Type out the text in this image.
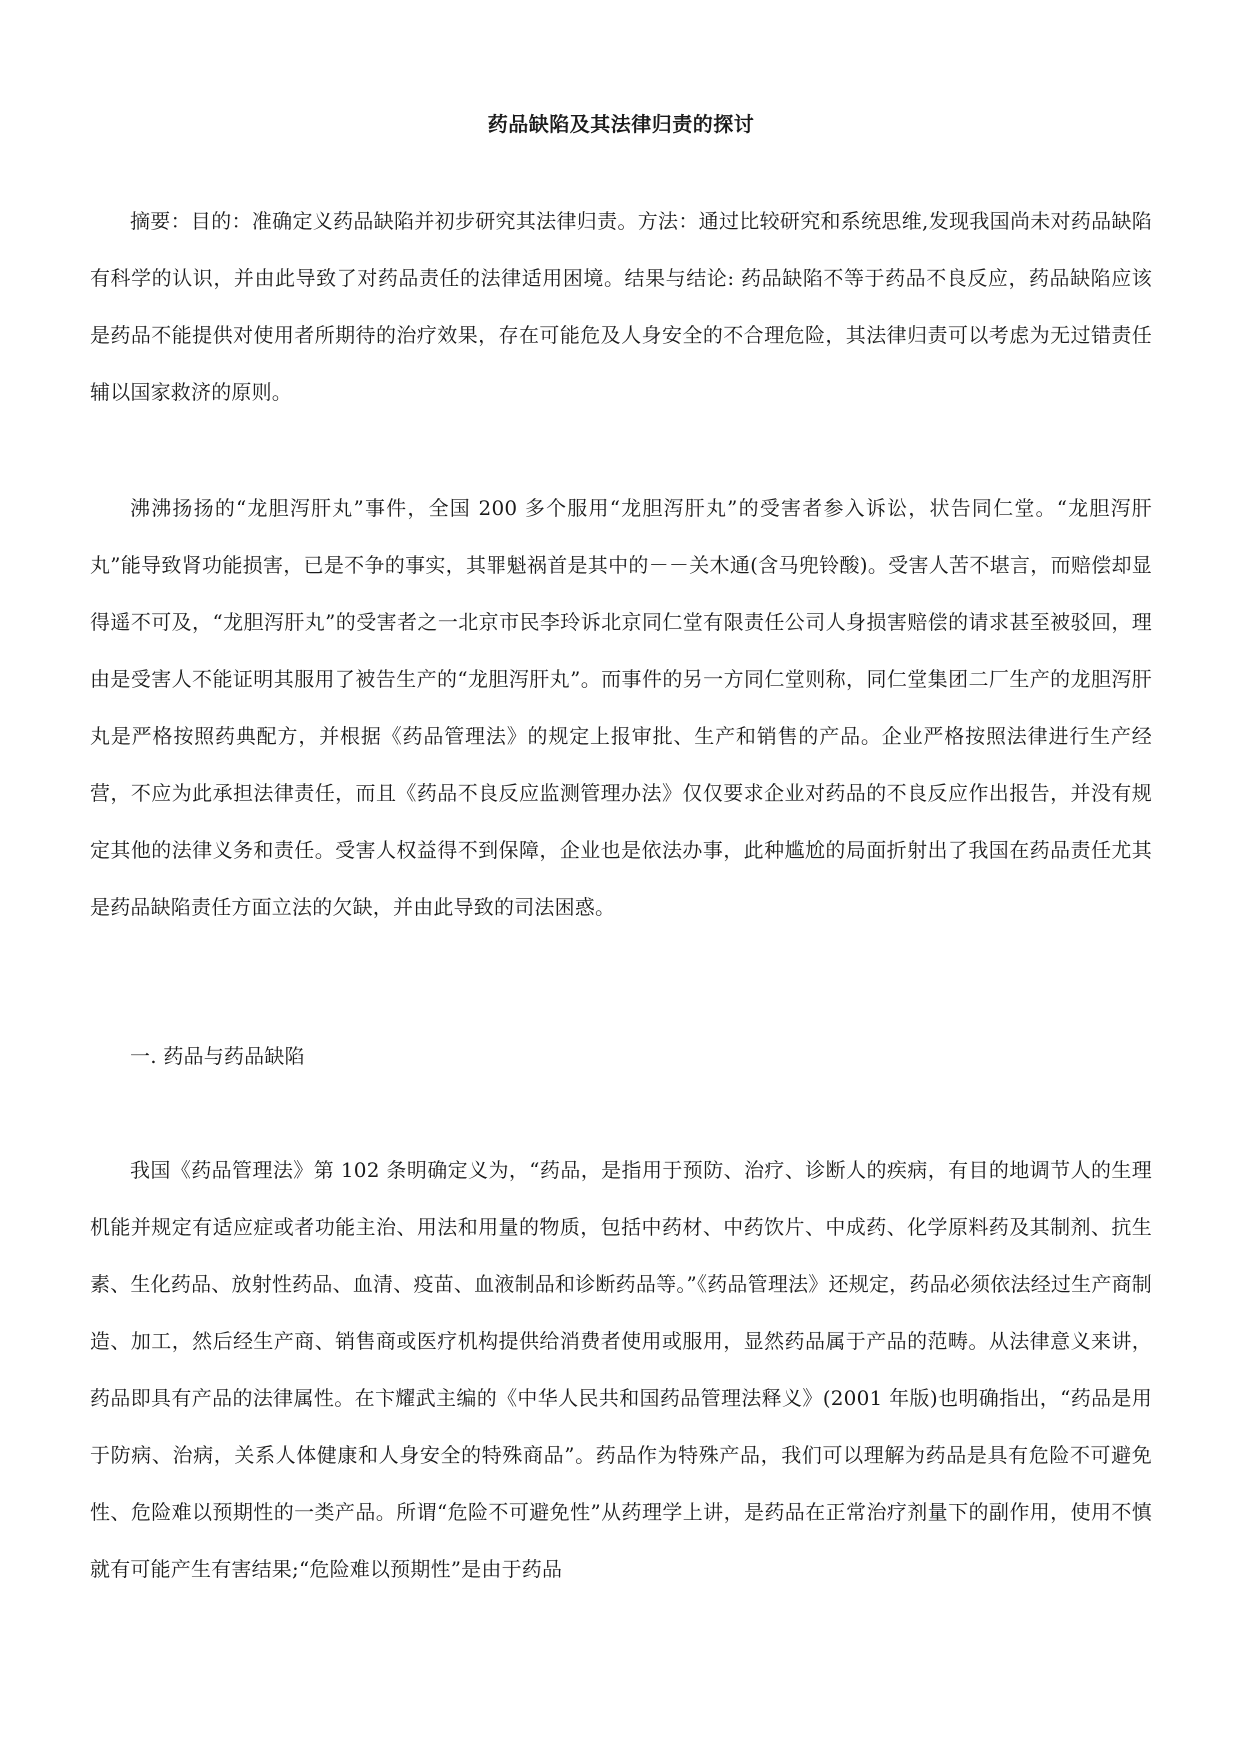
药品缺陷及其法律归责的探讨

摘要：目的：准确定义药品缺陷并初步研究其法律归责。方法：通过比较研究和系统思维,发现我国尚未对药品缺陷有科学的认识，并由此导致了对药品责任的法律适用困境。结果与结论: 药品缺陷不等于药品不良反应，药品缺陷应该是药品不能提供对使用者所期待的治疗效果，存在可能危及人身安全的不合理危险，其法律归责可以考虑为无过错责任辅以国家救济的原则。

沸沸扬扬的“龙胆泻肝丸”事件，全国 200 多个服用“龙胆泻肝丸”的受害者参入诉讼，状告同仁堂。“龙胆泻肝丸”能导致肾功能损害，已是不争的事实，其罪魁祸首是其中的－－关木通(含马兜铃酸)。受害人苦不堪言，而赔偿却显得遥不可及，“龙胆泻肝丸”的受害者之一北京市民李玲诉北京同仁堂有限责任公司人身损害赔偿的请求甚至被驳回，理由是受害人不能证明其服用了被告生产的“龙胆泻肝丸”。而事件的另一方同仁堂则称，同仁堂集团二厂生产的龙胆泻肝丸是严格按照药典配方，并根据《药品管理法》的规定上报审批、生产和销售的产品。企业严格按照法律进行生产经营，不应为此承担法律责任，而且《药品不良反应监测管理办法》仅仅要求企业对药品的不良反应作出报告，并没有规定其他的法律义务和责任。受害人权益得不到保障，企业也是依法办事，此种尴尬的局面折射出了我国在药品责任尤其是药品缺陷责任方面立法的欠缺，并由此导致的司法困惑。

一. 药品与药品缺陷

我国《药品管理法》第 102 条明确定义为，“药品，是指用于预防、治疗、诊断人的疾病，有目的地调节人的生理机能并规定有适应症或者功能主治、用法和用量的物质，包括中药材、中药饮片、中成药、化学原料药及其制剂、抗生素、生化药品、放射性药品、血清、疫苗、血液制品和诊断药品等。”《药品管理法》还规定，药品必须依法经过生产商制造、加工，然后经生产商、销售商或医疗机构提供给消费者使用或服用，显然药品属于产品的范畴。从法律意义来讲，药品即具有产品的法律属性。在卞耀武主编的《中华人民共和国药品管理法释义》(2001 年版)也明确指出，“药品是用于防病、治病，关系人体健康和人身安全的特殊商品”。药品作为特殊产品，我们可以理解为药品是具有危险不可避免性、危险难以预期性的一类产品。所谓“危险不可避免性”从药理学上讲，是药品在正常治疗剂量下的副作用，使用不慎就有可能产生有害结果;“危险难以预期性”是由于药品
